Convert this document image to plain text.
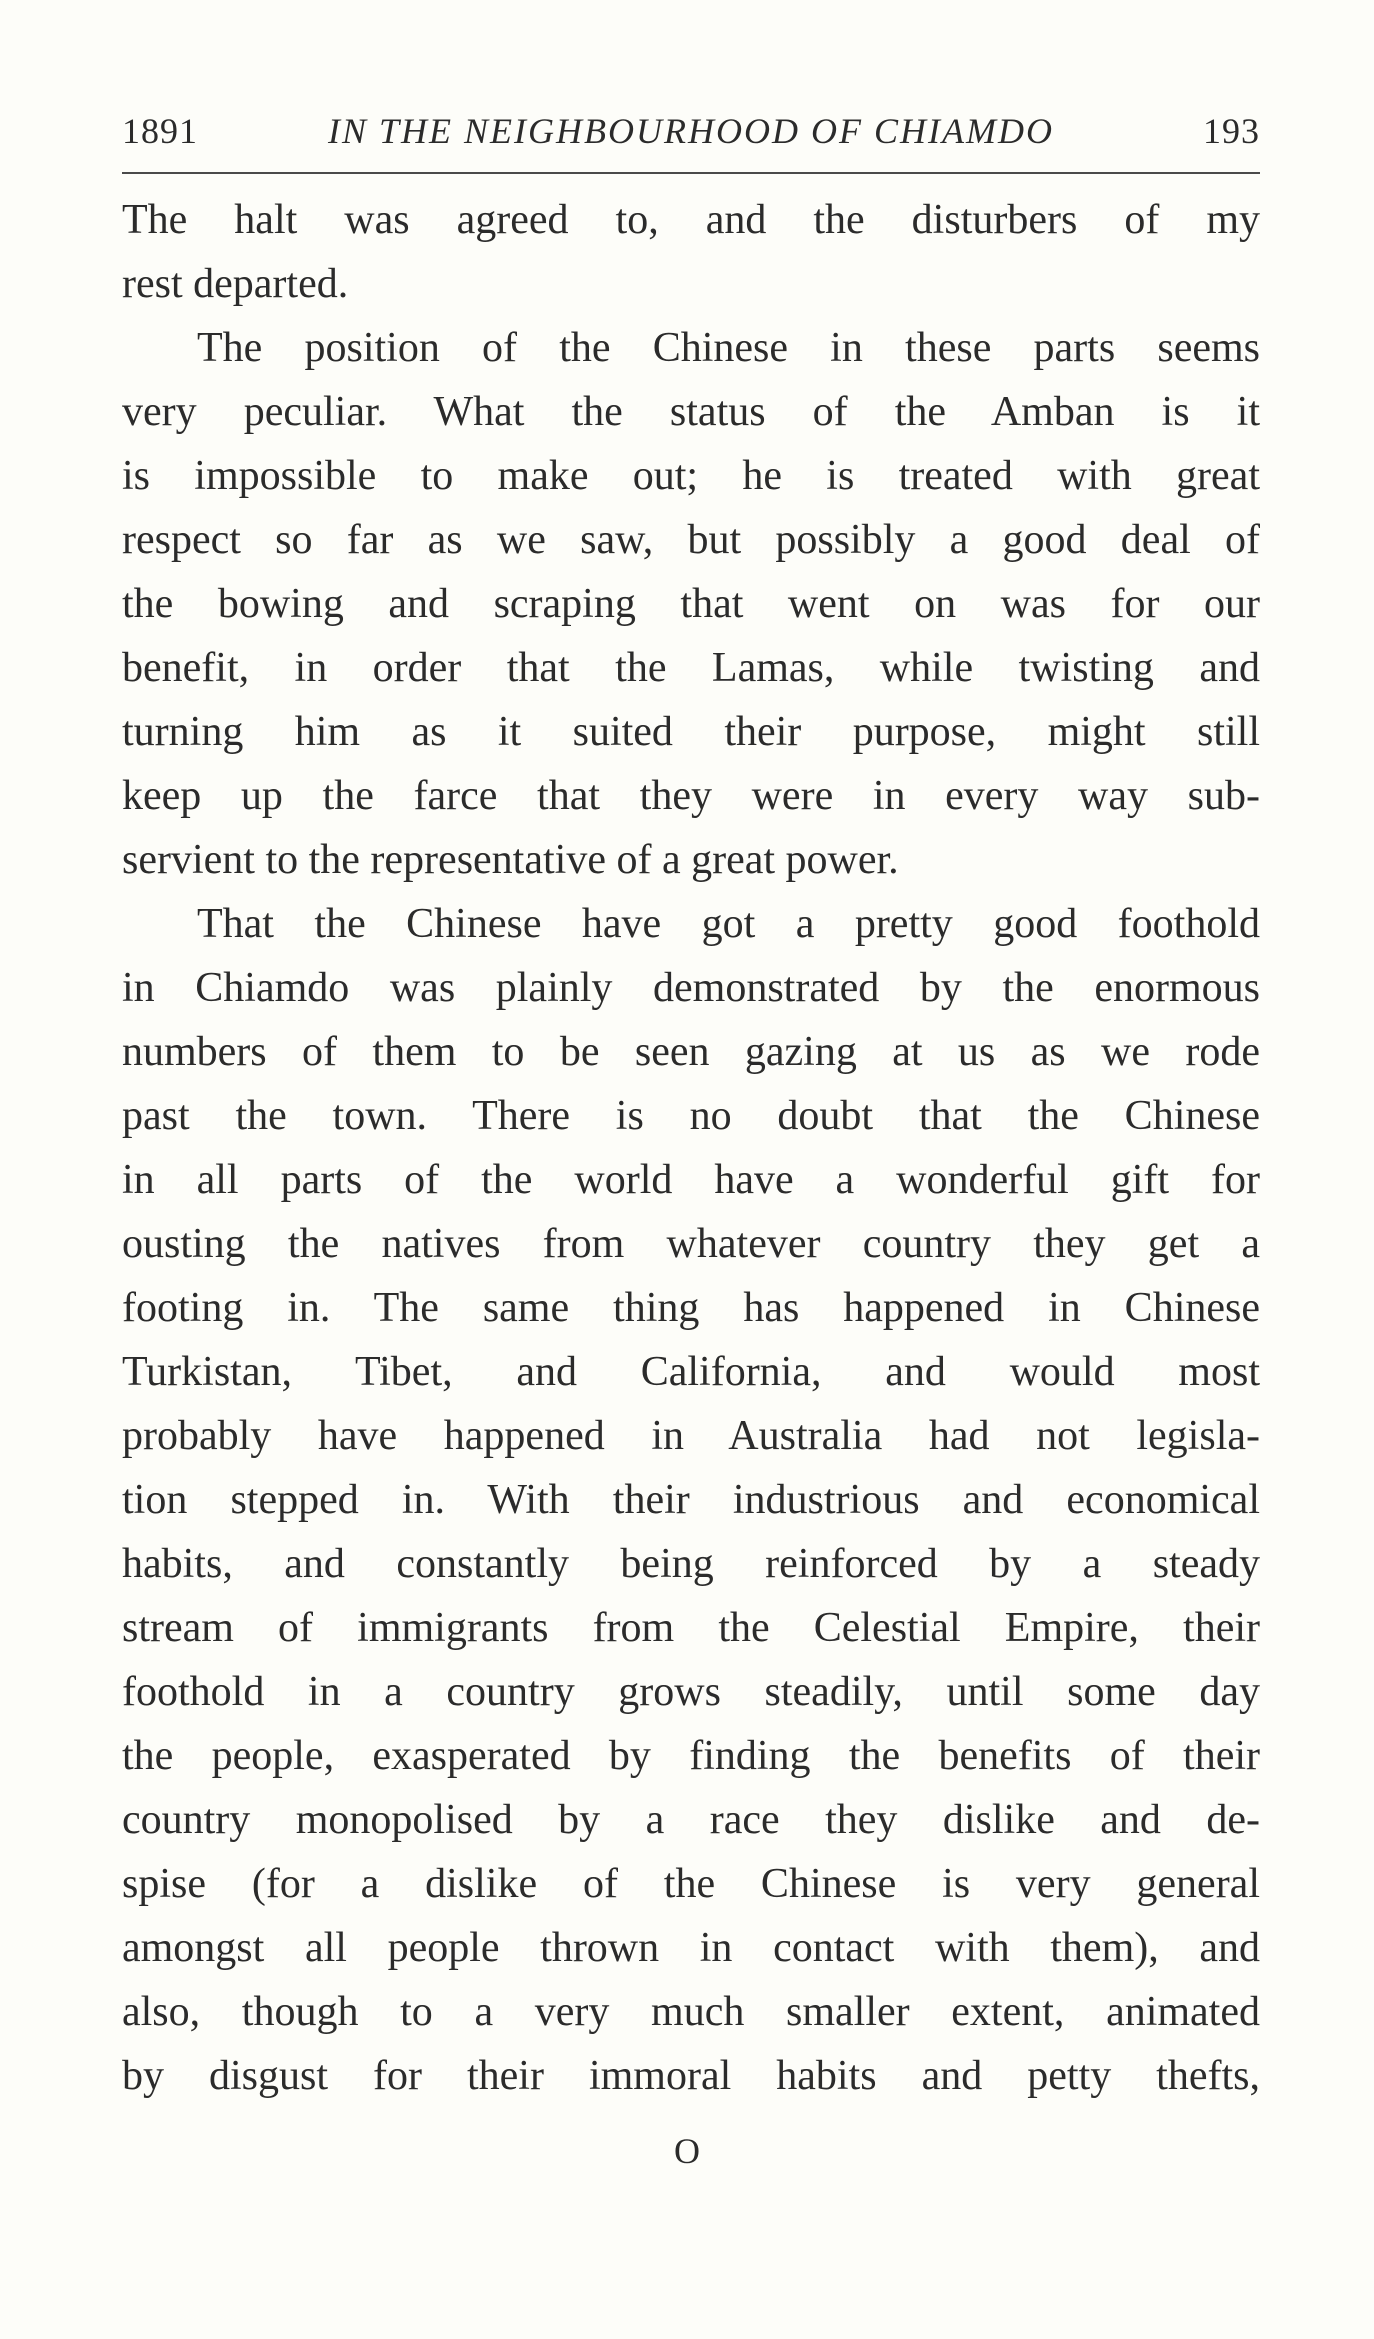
1891	IN THE NEIGHBOURHOOD OF CHIAMDO	193
The halt was agreed to, and the disturbers of my
rest departed.
The position of the Chinese in these parts seems
very peculiar. What the status of the Amban is it
is impossible to make out; he is treated with great
respect so far as we saw, but possibly a good deal of
the bowing and scraping that went on was for our
benefit, in order that the Lamas, while twisting and
turning him as it suited their purpose, might still
keep up the farce that they were in every way sub-
servient to the representative of a great power.
That the Chinese have got a pretty good foothold
in Chiamdo was plainly demonstrated by the enormous
numbers of them to be seen gazing at us as we rode
past the town. There is no doubt that the Chinese
in all parts of the world have a wonderful gift for
ousting the natives from whatever country they get a
footing in. The same thing has happened in Chinese
Turkistan, Tibet, and California, and would most
probably have happened in Australia had not legisla-
tion stepped in. With their industrious and economical
habits, and constantly being reinforced by a steady
stream of immigrants from the Celestial Empire, their
foothold in a country grows steadily, until some day
the people, exasperated by finding the benefits of their
country monopolised by a race they dislike and de-
spise (for a dislike of the Chinese is very general
amongst all people thrown in contact with them), and
also, though to a very much smaller extent, animated
by disgust for their immoral habits and petty thefts,
O
